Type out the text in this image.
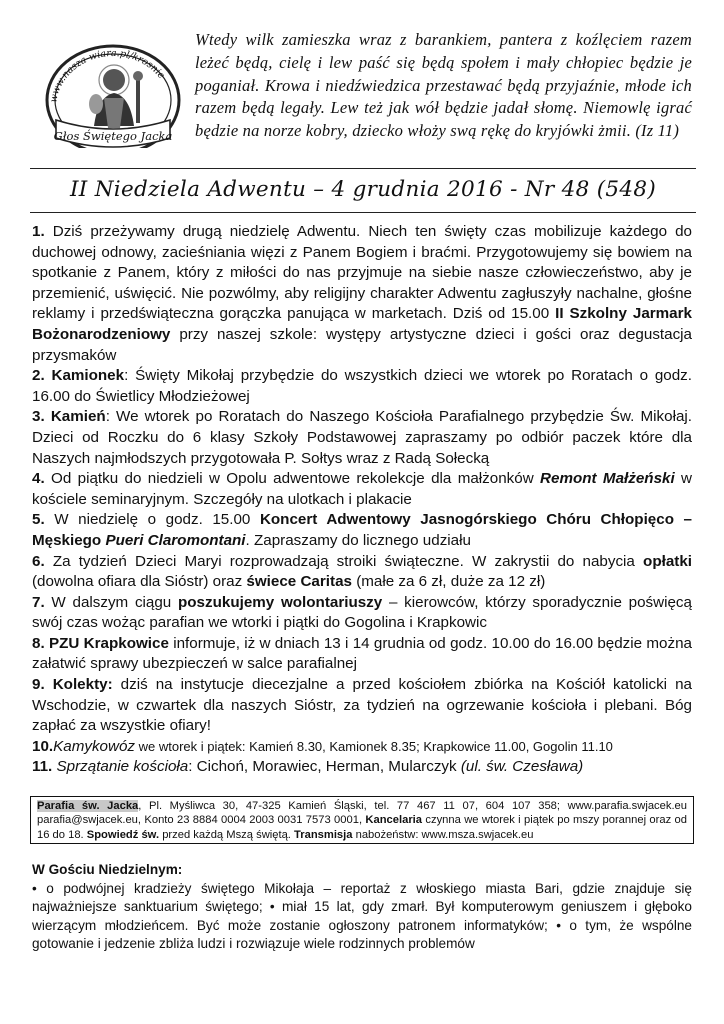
www.nasza-wiara.pl/krosnie
Głos Świętego Jacka
Wtedy wilk zamieszka wraz z barankiem, pantera z koźlęciem razem leżeć będą, cielę i lew paść się będą społem i mały chłopiec będzie je poganiał. Krowa i niedźwiedzica przestawać będą przyjaźnie, młode ich razem będą legały. Lew też jak wół będzie jadał słomę. Niemowlę igrać będzie na norze kobry, dziecko włoży swą rękę do kryjówki żmii. (Iz 11)
II Niedziela Adwentu – 4 grudnia 2016 - Nr 48 (548)

1. Dziś przeżywamy drugą niedzielę Adwentu. Niech ten święty czas mobilizuje każdego do duchowej odnowy, zacieśniania więzi z Panem Bogiem i braćmi. Przygotowujemy się bowiem na spotkanie z Panem, który z miłości do nas przyjmuje na siebie nasze człowieczeństwo, aby je przemienić, uświęcić. Nie pozwólmy, aby religijny charakter Adwentu zagłuszyły nachalne, głośne reklamy i przedświąteczna gorączka panująca w marketach. Dziś od 15.00 II Szkolny Jarmark Bożonarodzeniowy przy naszej szkole: występy artystyczne dzieci i gości oraz degustacja przysmaków

2. Kamionek: Święty Mikołaj przybędzie do wszystkich dzieci we wtorek po Roratach o godz. 16.00 do Świetlicy Młodzieżowej

3. Kamień: We wtorek po Roratach do Naszego Kościoła Parafialnego przybędzie Św. Mikołaj. Dzieci od Roczku do 6 klasy Szkoły Podstawowej zapraszamy po odbiór paczek które dla Naszych najmłodszych przygotowała P. Sołtys wraz z Radą Sołecką

4. Od piątku do niedzieli w Opolu adwentowe rekolekcje dla małżonków Remont Małżeński w kościele seminaryjnym. Szczegóły na ulotkach i plakacie

5. W niedzielę o godz. 15.00 Koncert Adwentowy Jasnogórskiego Chóru Chłopięco – Męskiego Pueri Claromontani. Zapraszamy do licznego udziału

6. Za tydzień Dzieci Maryi rozprowadzają stroiki świąteczne. W zakrystii do nabycia opłatki (dowolna ofiara dla Sióstr) oraz świece Caritas (małe za 6 zł, duże za 12 zł)

7. W dalszym ciągu poszukujemy wolontariuszy – kierowców, którzy sporadycznie poświęcą swój czas wożąc parafian we wtorki i piątki do Gogolina i Krapkowic

8. PZU Krapkowice informuje, iż w dniach 13 i 14 grudnia od godz. 10.00 do 16.00 będzie można załatwić sprawy ubezpieczeń w salce parafialnej

9. Kolekty: dziś na instytucje diecezjalne a przed kościołem zbiórka na Kościół katolicki na Wschodzie, w czwartek dla naszych Sióstr, za tydzień na ogrzewanie kościoła i plebani. Bóg zapłać za wszystkie ofiary!

10.Kamykowóz we wtorek i piątek: Kamień 8.30, Kamionek 8.35; Krapkowice 11.00, Gogolin 11.10

11. Sprzątanie kościoła: Cichoń, Morawiec, Herman, Mularczyk (ul. św. Czesława)

Parafia św. Jacka, Pl. Myśliwca 30, 47-325 Kamień Śląski, tel. 77 467 11 07, 604 107 358; www.parafia.swjacek.eu parafia@swjacek.eu, Konto 23 8884 0004 2003 0031 7573 0001, Kancelaria czynna we wtorek i piątek po mszy porannej oraz od 16 do 18. Spowiedź św. przed każdą Mszą świętą. Transmisja nabożeństw: www.msza.swjacek.eu

W Gościu Niedzielnym:

• o podwójnej kradzieży świętego Mikołaja – reportaż z włoskiego miasta Bari, gdzie znajduje się najważniejsze sanktuarium świętego; • miał 15 lat, gdy zmarł. Był komputerowym geniuszem i głęboko wierzącym młodzieńcem. Być może zostanie ogłoszony patronem informatyków; • o tym, że wspólne gotowanie i jedzenie zbliża ludzi i rozwiązuje wiele rodzinnych problemów
